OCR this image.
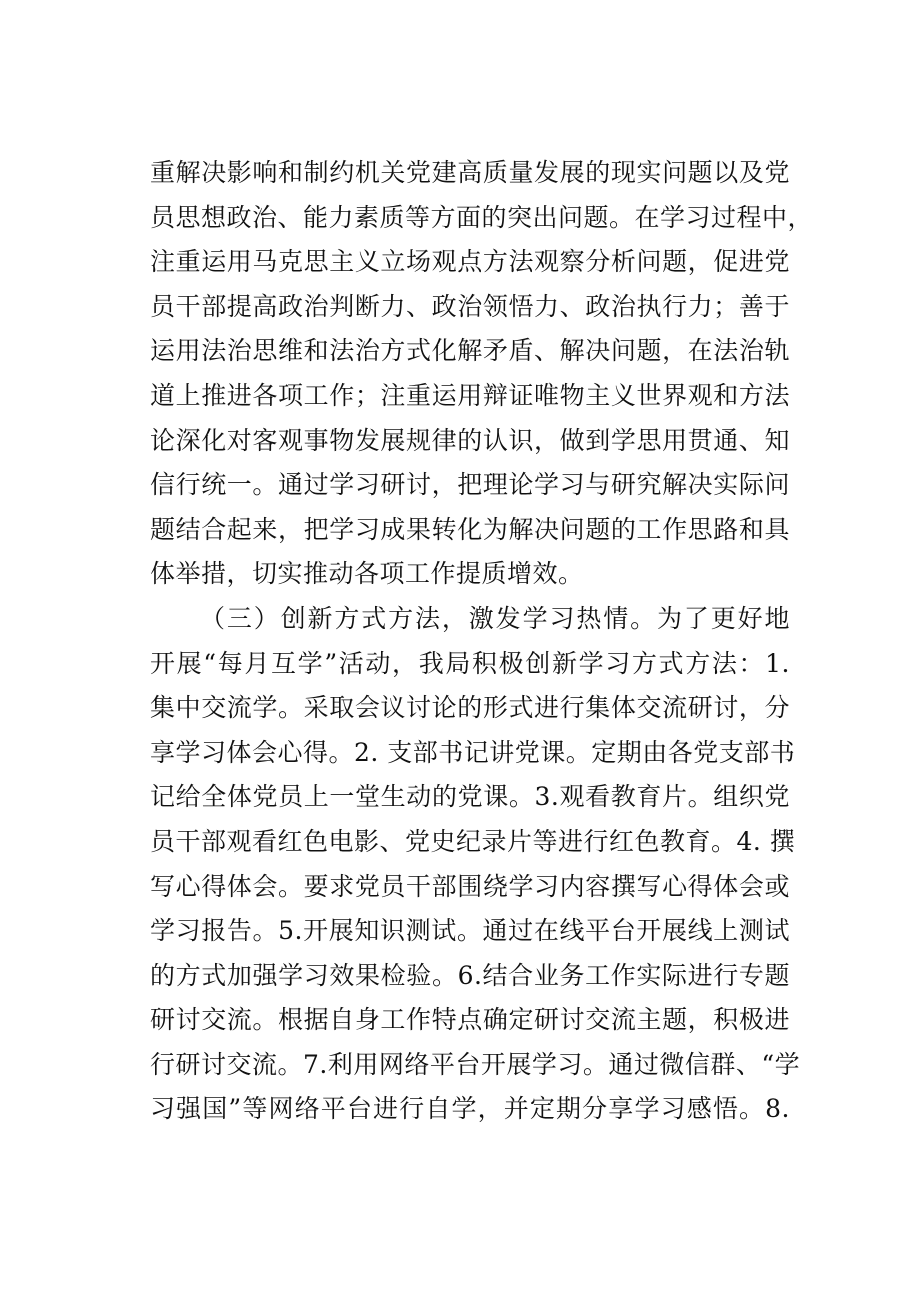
重解决影响和制约机关党建高质量发展的现实问题以及党
员思想政治、能力素质等方面的突出问题。在学习过程中，
注重运用马克思主义立场观点方法观察分析问题，促进党
员干部提高政治判断力、政治领悟力、政治执行力；善于
运用法治思维和法治方式化解矛盾、解决问题，在法治轨
道上推进各项工作；注重运用辩证唯物主义世界观和方法
论深化对客观事物发展规律的认识，做到学思用贯通、知
信行统一。通过学习研讨，把理论学习与研究解决实际问
题结合起来，把学习成果转化为解决问题的工作思路和具
体举措，切实推动各项工作提质增效。
（三）创新方式方法，激发学习热情。为了更好地
开展“每月互学”活动，我局积极创新学习方式方法：1.
集中交流学。采取会议讨论的形式进行集体交流研讨，分
享学习体会心得。2. 支部书记讲党课。定期由各党支部书
记给全体党员上一堂生动的党课。3.观看教育片。组织党
员干部观看红色电影、党史纪录片等进行红色教育。4. 撰
写心得体会。要求党员干部围绕学习内容撰写心得体会或
学习报告。5.开展知识测试。通过在线平台开展线上测试
的方式加强学习效果检验。6.结合业务工作实际进行专题
研讨交流。根据自身工作特点确定研讨交流主题，积极进
行研讨交流。7.利用网络平台开展学习。通过微信群、“学
习强国”等网络平台进行自学，并定期分享学习感悟。8.
